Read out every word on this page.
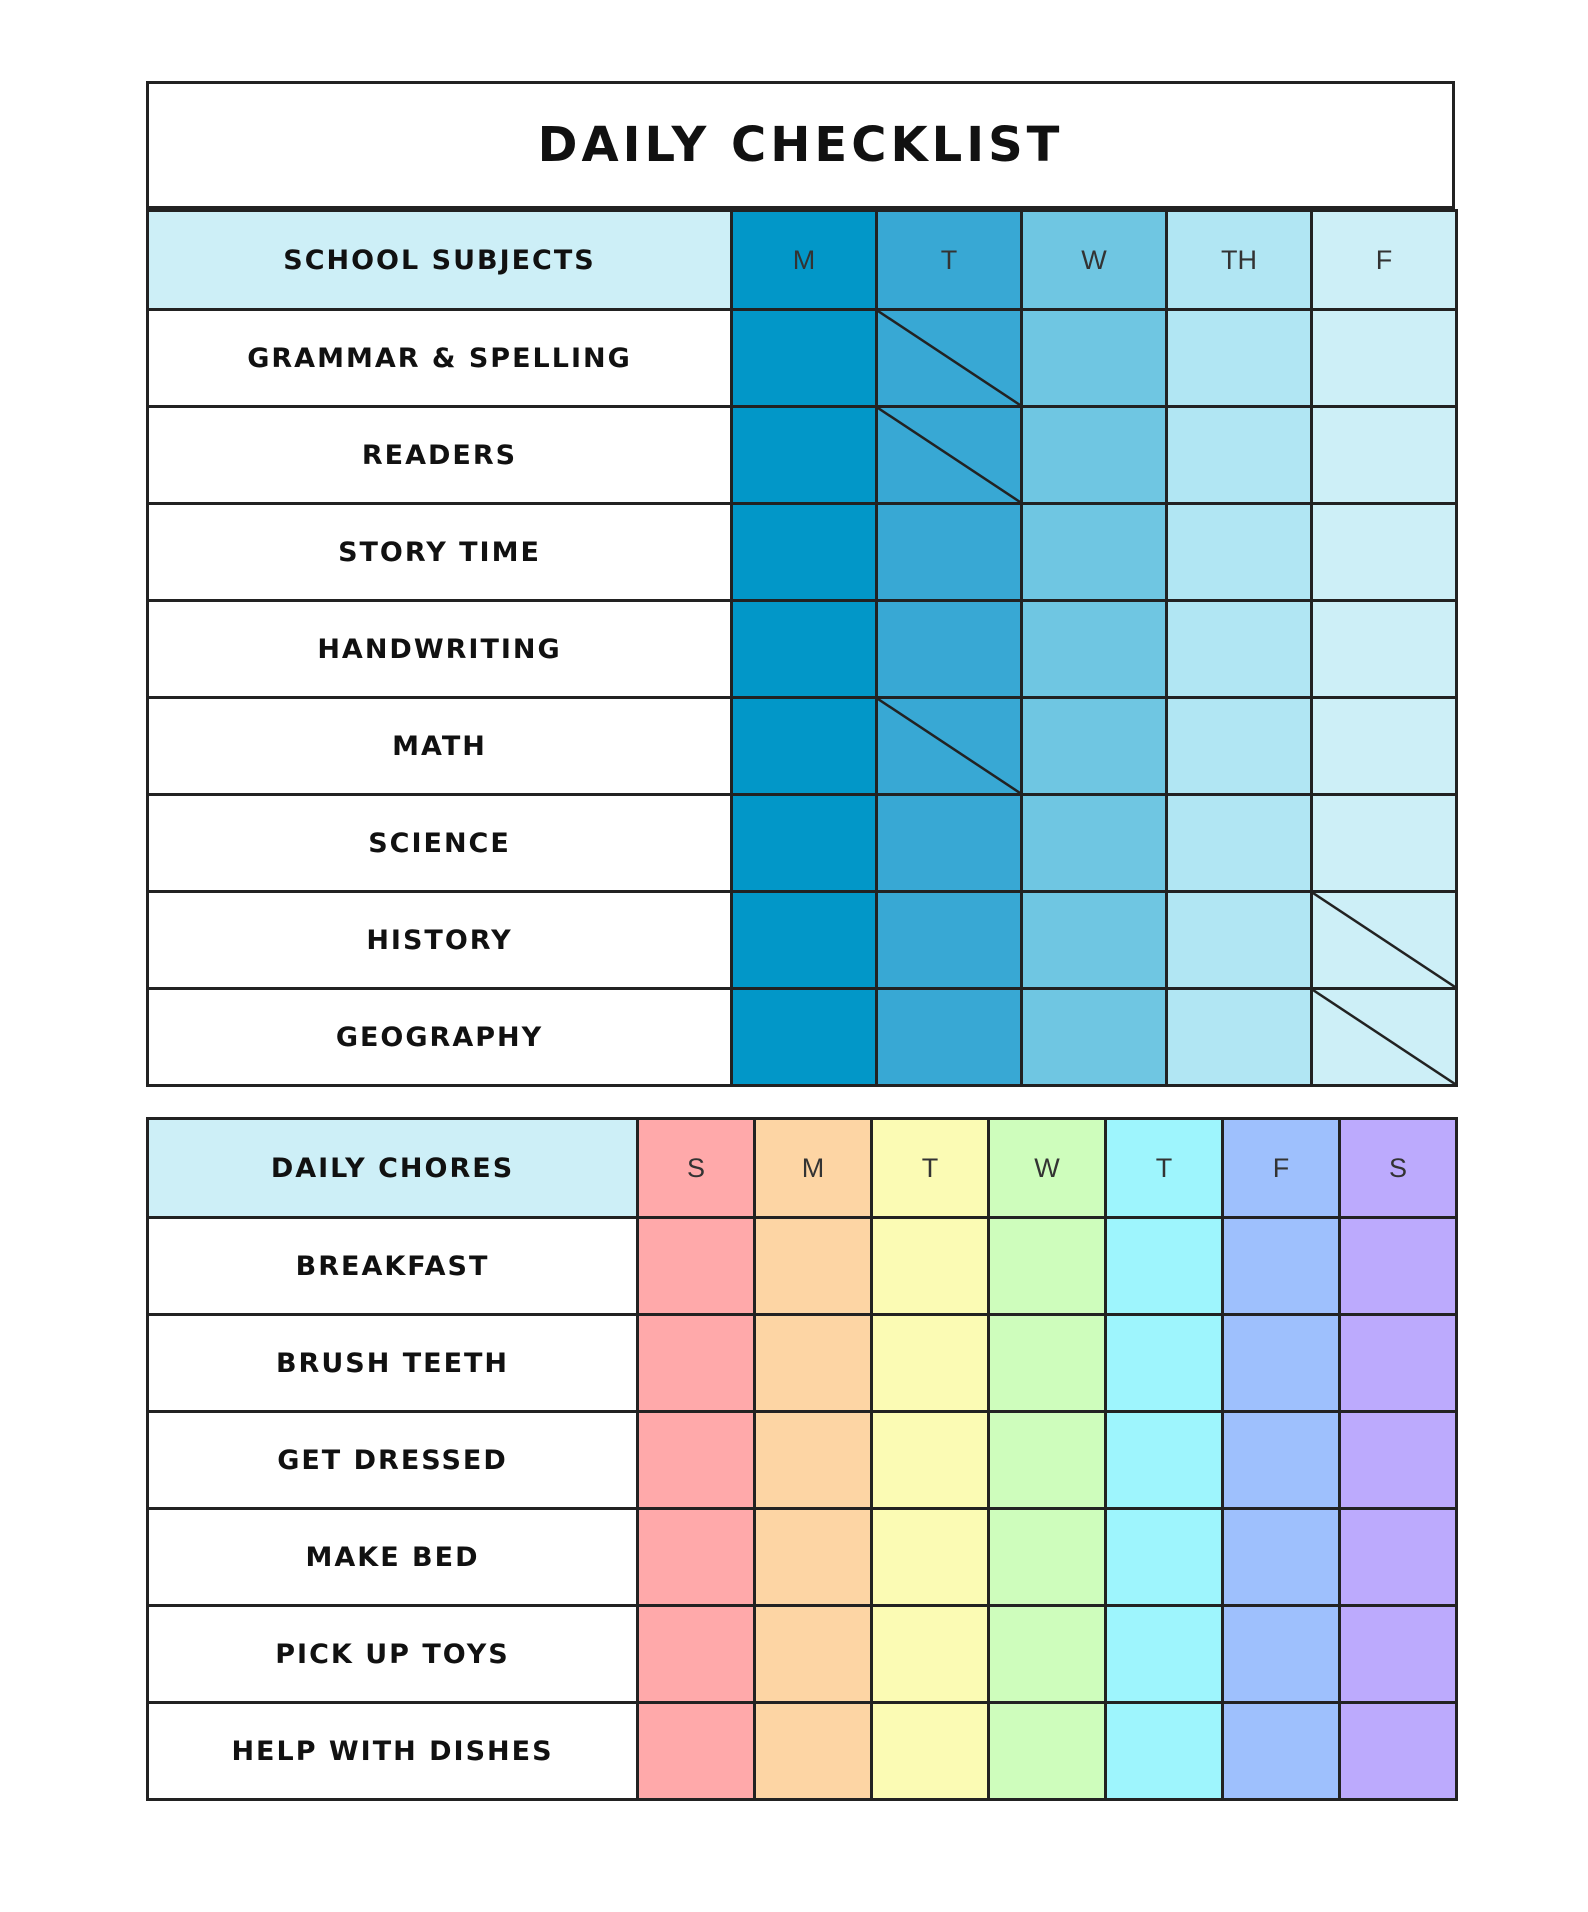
DAILY CHECKLIST
SCHOOL SUBJECTS	M	T	W	TH	F
GRAMMAR & SPELLING		

READERS		

STORY TIME					
HANDWRITING					
MATH		

SCIENCE					
HISTORY					

GEOGRAPHY					
DAILY CHORES	S	M	T	W	T	F	S
BREAKFAST							
BRUSH TEETH							
GET DRESSED							
MAKE BED							
PICK UP TOYS							
HELP WITH DISHES							
